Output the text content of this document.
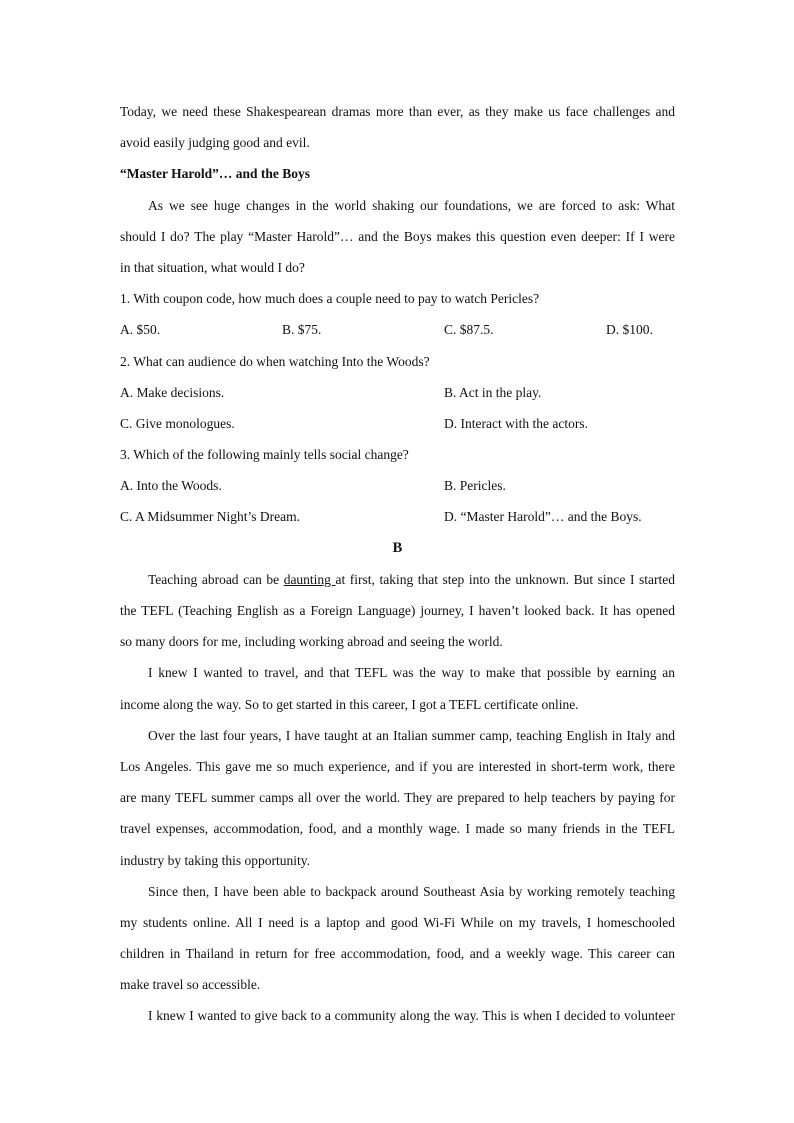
Today, we need these Shakespearean dramas more than ever, as they make us face challenges and
avoid easily judging good and evil.
“Master Harold”… and the Boys
As we see huge changes in the world shaking our foundations, we are forced to ask: What
should I do? The play “Master Harold”… and the Boys makes this question even deeper: If I were
in that situation, what would I do?
1. With coupon code, how much does a couple need to pay to watch Pericles?
A. $50.	B. $75.	C. $87.5.	D. $100.
2. What can audience do when watching Into the Woods?
A. Make decisions.	B. Act in the play.
C. Give monologues.	D. Interact with the actors.
3. Which of the following mainly tells social change?
A. Into the Woods.	B. Pericles.
C. A Midsummer Night’s Dream.	D. “Master Harold”… and the Boys.
B
Teaching abroad can be daunting at first, taking that step into the unknown. But since I started
the TEFL (Teaching English as a Foreign Language) journey, I haven’t looked back. It has opened
so many doors for me, including working abroad and seeing the world.
I knew I wanted to travel, and that TEFL was the way to make that possible by earning an
income along the way. So to get started in this career, I got a TEFL certificate online.
Over the last four years, I have taught at an Italian summer camp, teaching English in Italy and
Los Angeles. This gave me so much experience, and if you are interested in short-term work, there
are many TEFL summer camps all over the world. They are prepared to help teachers by paying for
travel expenses, accommodation, food, and a monthly wage. I made so many friends in the TEFL
industry by taking this opportunity.
Since then, I have been able to backpack around Southeast Asia by working remotely teaching
my students online. All I need is a laptop and good Wi-Fi While on my travels, I homeschooled
children in Thailand in return for free accommodation, food, and a weekly wage. This career can
make travel so accessible.
I knew I wanted to give back to a community along the way. This is when I decided to volunteer
